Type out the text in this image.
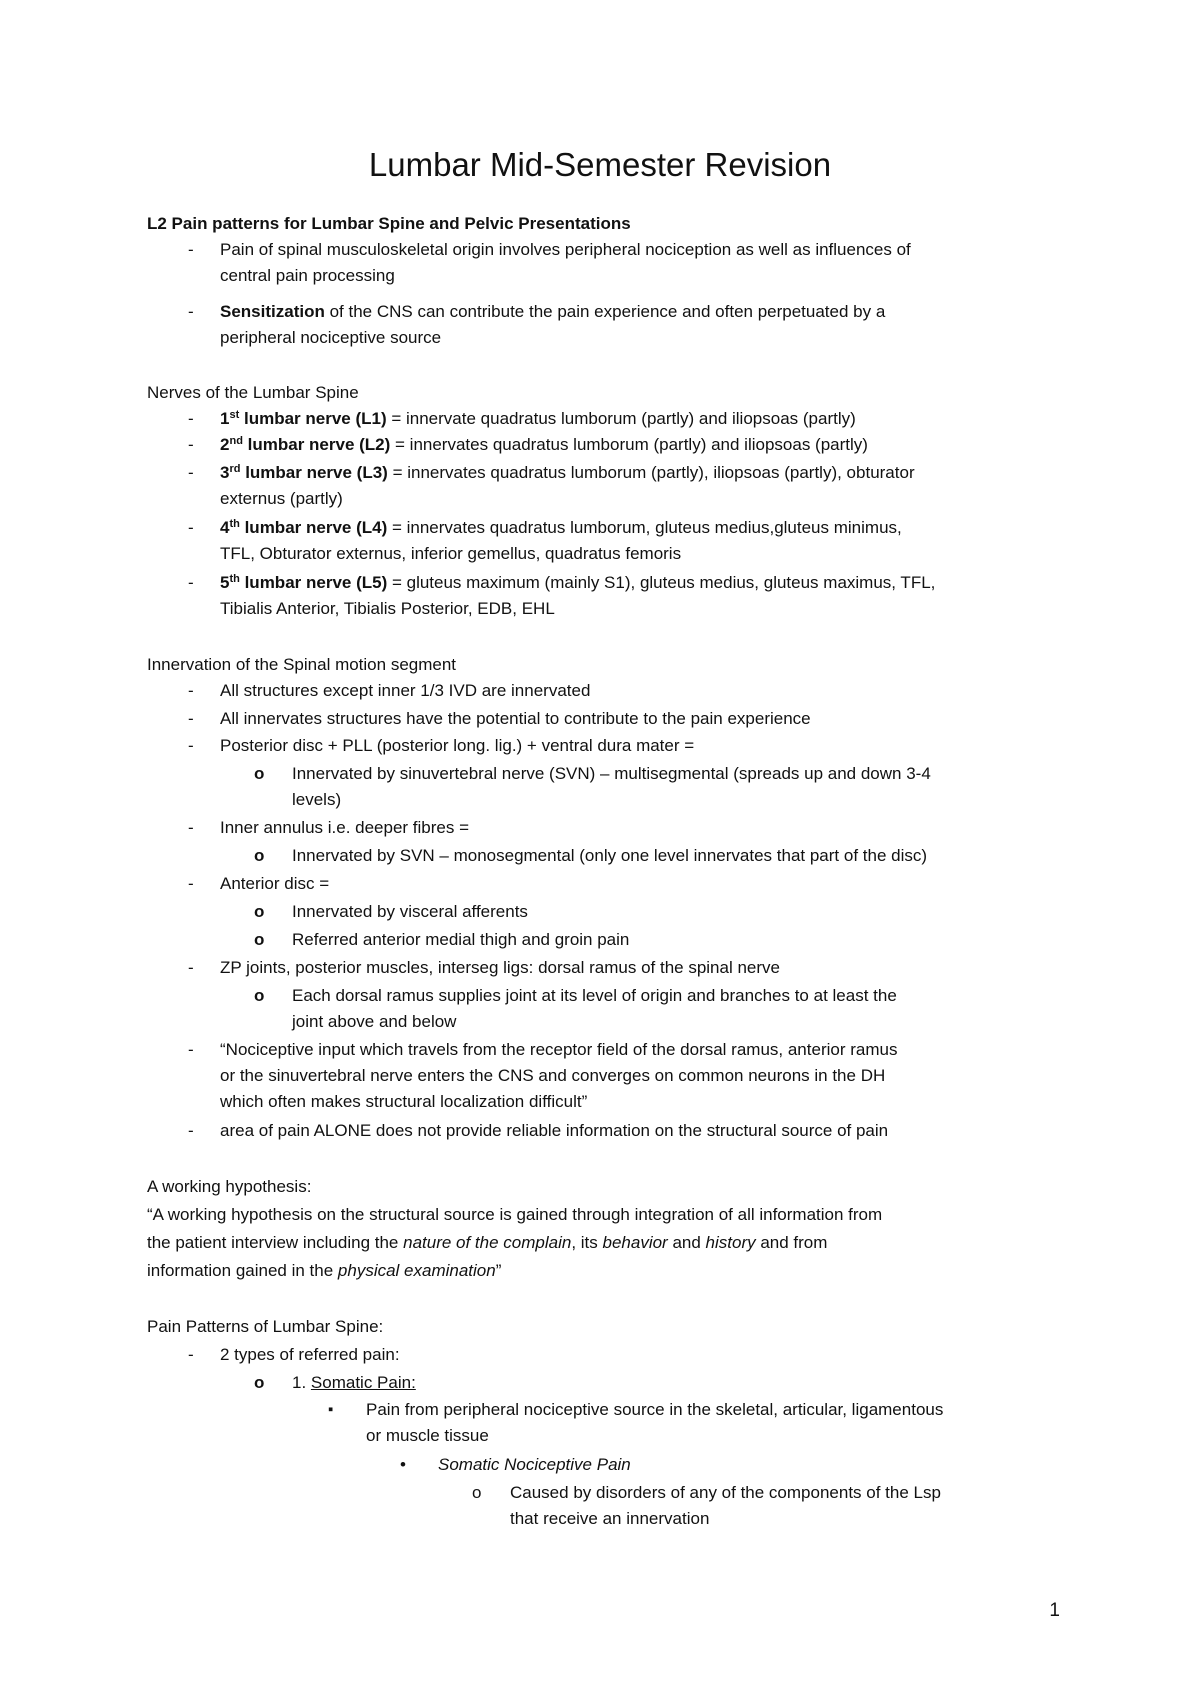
Lumbar Mid-Semester Revision
L2 Pain patterns for Lumbar Spine and Pelvic Presentations
- Pain of spinal musculoskeletal origin involves peripheral nociception as well as influences of
central pain processing
- Sensitization of the CNS can contribute the pain experience and often perpetuated by a
peripheral nociceptive source
Nerves of the Lumbar Spine
- 1st lumbar nerve (L1) = innervate quadratus lumborum (partly) and iliopsoas (partly)
- 2nd lumbar nerve (L2) = innervates quadratus lumborum (partly) and iliopsoas (partly)
- 3rd lumbar nerve (L3) = innervates quadratus lumborum (partly), iliopsoas (partly), obturator
externus (partly)
- 4th lumbar nerve (L4) = innervates quadratus lumborum, gluteus medius,gluteus minimus,
TFL, Obturator externus, inferior gemellus, quadratus femoris
- 5th lumbar nerve (L5) = gluteus maximum (mainly S1), gluteus medius, gluteus maximus, TFL,
Tibialis Anterior, Tibialis Posterior, EDB, EHL
Innervation of the Spinal motion segment
- All structures except inner 1/3 IVD are innervated
- All innervates structures have the potential to contribute to the pain experience
- Posterior disc + PLL (posterior long. lig.) + ventral dura mater =
o Innervated by sinuvertebral nerve (SVN) – multisegmental (spreads up and down 3-4
levels)
- Inner annulus i.e. deeper fibres =
o Innervated by SVN – monosegmental (only one level innervates that part of the disc)
- Anterior disc =
o Innervated by visceral afferents
o Referred anterior medial thigh and groin pain
- ZP joints, posterior muscles, interseg ligs: dorsal ramus of the spinal nerve
o Each dorsal ramus supplies joint at its level of origin and branches to at least the
joint above and below
- “Nociceptive input which travels from the receptor field of the dorsal ramus, anterior ramus
or the sinuvertebral nerve enters the CNS and converges on common neurons in the DH
which often makes structural localization difficult”
- area of pain ALONE does not provide reliable information on the structural source of pain
A working hypothesis:
“A working hypothesis on the structural source is gained through integration of all information from
the patient interview including the nature of the complain, its behavior and history and from
information gained in the physical examination”
Pain Patterns of Lumbar Spine:
- 2 types of referred pain:
o 1. Somatic Pain:
▪ Pain from peripheral nociceptive source in the skeletal, articular, ligamentous
or muscle tissue
• Somatic Nociceptive Pain
o Caused by disorders of any of the components of the Lsp
that receive an innervation
1
